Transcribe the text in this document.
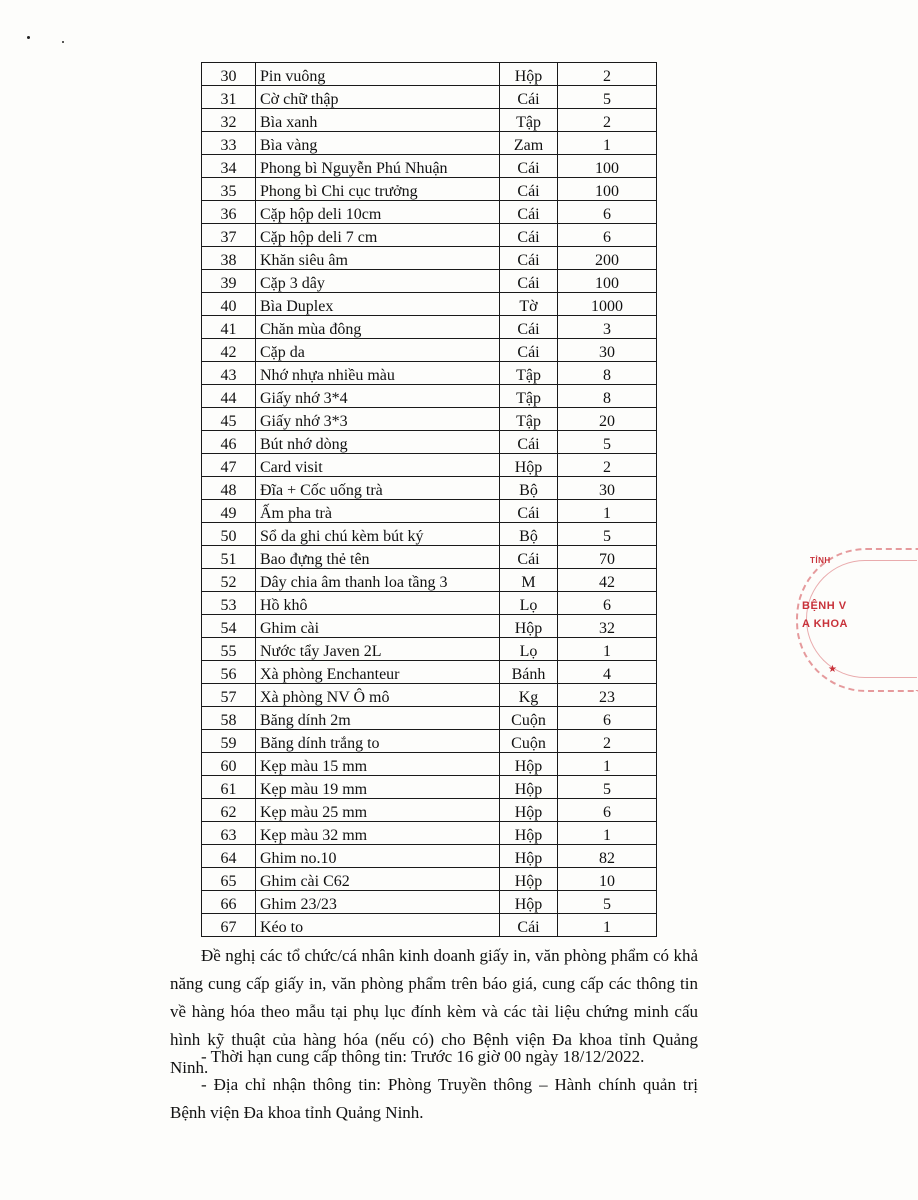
30	Pin vuông	Hộp	2
31	Cờ chữ thập	Cái	5
32	Bìa xanh	Tập	2
33	Bìa vàng	Zam	1
34	Phong bì Nguyễn Phú Nhuận	Cái	100
35	Phong bì Chi cục trưởng	Cái	100
36	Cặp hộp deli 10cm	Cái	6
37	Cặp hộp deli 7 cm	Cái	6
38	Khăn siêu âm	Cái	200
39	Cặp 3 dây	Cái	100
40	Bìa Duplex	Tờ	1000
41	Chăn mùa đông	Cái	3
42	Cặp da	Cái	30
43	Nhớ nhựa nhiều màu	Tập	8
44	Giấy nhớ 3*4	Tập	8
45	Giấy nhớ 3*3	Tập	20
46	Bút nhớ dòng	Cái	5
47	Card visit	Hộp	2
48	Đĩa + Cốc uống trà	Bộ	30
49	Ấm pha trà	Cái	1
50	Sổ da ghi chú kèm bút ký	Bộ	5
51	Bao đựng thẻ tên	Cái	70
52	Dây chia âm thanh loa tầng 3	M	42
53	Hồ khô	Lọ	6
54	Ghim cài	Hộp	32
55	Nước tẩy Javen 2L	Lọ	1
56	Xà phòng Enchanteur	Bánh	4
57	Xà phòng NV Ô mô	Kg	23
58	Băng dính 2m	Cuộn	6
59	Băng dính trắng to	Cuộn	2
60	Kẹp màu 15 mm	Hộp	1
61	Kẹp màu 19 mm	Hộp	5
62	Kẹp màu 25 mm	Hộp	6
63	Kẹp màu 32 mm	Hộp	1
64	Ghim no.10	Hộp	82
65	Ghim cài C62	Hộp	10
66	Ghim 23/23	Hộp	5
67	Kéo to	Cái	1
Đề nghị các tổ chức/cá nhân kinh doanh giấy in, văn phòng phẩm có khả năng cung cấp giấy in, văn phòng phẩm trên báo giá, cung cấp các thông tin về hàng hóa theo mẫu tại phụ lục đính kèm và các tài liệu chứng minh cấu hình kỹ thuật của hàng hóa (nếu có) cho Bệnh viện Đa khoa tỉnh Quảng Ninh.
- Thời hạn cung cấp thông tin: Trước 16 giờ 00 ngày 18/12/2022.
- Địa chỉ nhận thông tin: Phòng Truyền thông – Hành chính quản trị Bệnh viện Đa khoa tỉnh Quảng Ninh.
TỈNH
BỆNH V
A KHOA
★
